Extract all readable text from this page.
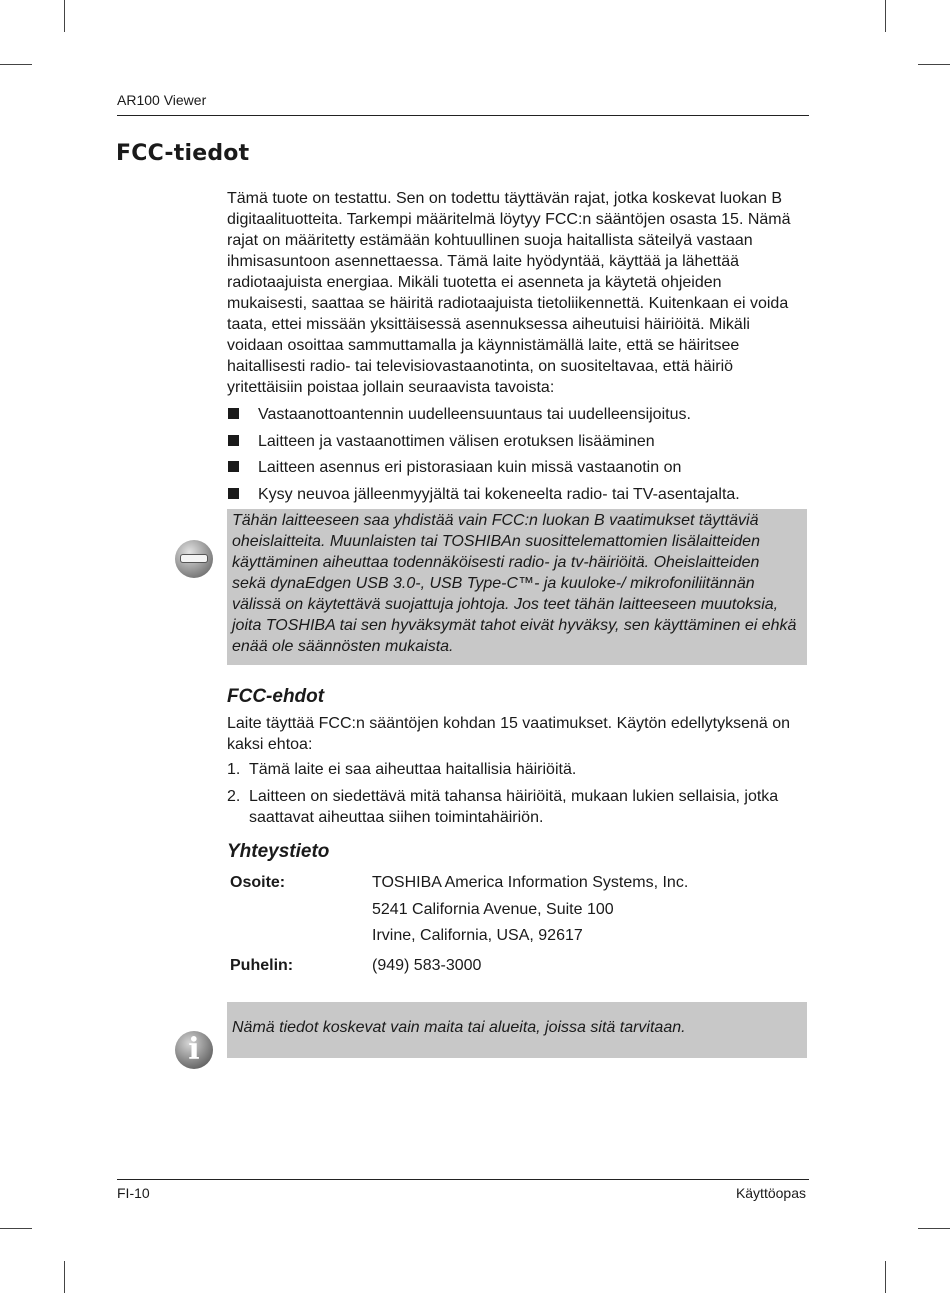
AR100 Viewer
FCC-tiedot
i

Tämä tuote on testattu. Sen on todettu täyttävän rajat, jotka koskevat luokan B digitaalituotteita. Tarkempi määritelmä löytyy FCC:n sääntöjen osasta 15. Nämä rajat on määritetty estämään kohtuullinen suoja haitallista säteilyä vastaan ihmisasuntoon asennettaessa. Tämä laite hyödyntää, käyttää ja lähettää radiotaajuista energiaa. Mikäli tuotetta ei asenneta ja käytetä ohjeiden mukaisesti, saattaa se häiritä radiotaajuista tietoliikennettä. Kuitenkaan ei voida taata, ettei missään yksittäisessä asennuksessa aiheutuisi häiriöitä. Mikäli voidaan osoittaa sammuttamalla ja käynnistämällä laite, että se häiritsee haitallisesti radio- tai televisiovastaanotinta, on suositeltavaa, että häiriö yritettäisiin poistaa jollain seuraavista tavoista:

Vastaanottoantennin uudelleensuuntaus tai uudelleensijoitus.
Laitteen ja vastaanottimen välisen erotuksen lisääminen
Laitteen asennus eri pistorasiaan kuin missä vastaanotin on
Kysy neuvoa jälleenmyyjältä tai kokeneelta radio- tai TV-asentajalta.
Tähän laitteeseen saa yhdistää vain FCC:n luokan B vaatimukset täyttäviä oheislaitteita. Muunlaisten tai TOSHIBAn suosittelemattomien lisälaitteiden käyttäminen aiheuttaa todennäköisesti radio- ja tv-häiriöitä. Oheislaitteiden sekä dynaEdgen USB 3.0-, USB Type-C™- ja kuuloke-/ mikrofoniliitännän välissä on käytettävä suojattuja johtoja. Jos teet tähän laitteeseen muutoksia, joita TOSHIBA tai sen hyväksymät tahot eivät hyväksy, sen käyttäminen ei ehkä enää ole säännösten mukaista.
FCC-ehdot

Laite täyttää FCC:n sääntöjen kohdan 15 vaatimukset. Käytön edellytyksenä on kaksi ehtoa:

1. Tämä laite ei saa aiheuttaa haitallisia häiriöitä.
2. Laitteen on siedettävä mitä tahansa häiriöitä, mukaan lukien sellaisia, jotka saattavat aiheuttaa siihen toimintahäiriön.
Yhteystieto
Osoite:	TOSHIBA America Information Systems, Inc.
5241 California Avenue, Suite 100
Irvine, California, USA, 92617
Puhelin:	(949) 583-3000
Nämä tiedot koskevat vain maita tai alueita, joissa sitä tarvitaan.
FI-10	Käyttöopas
